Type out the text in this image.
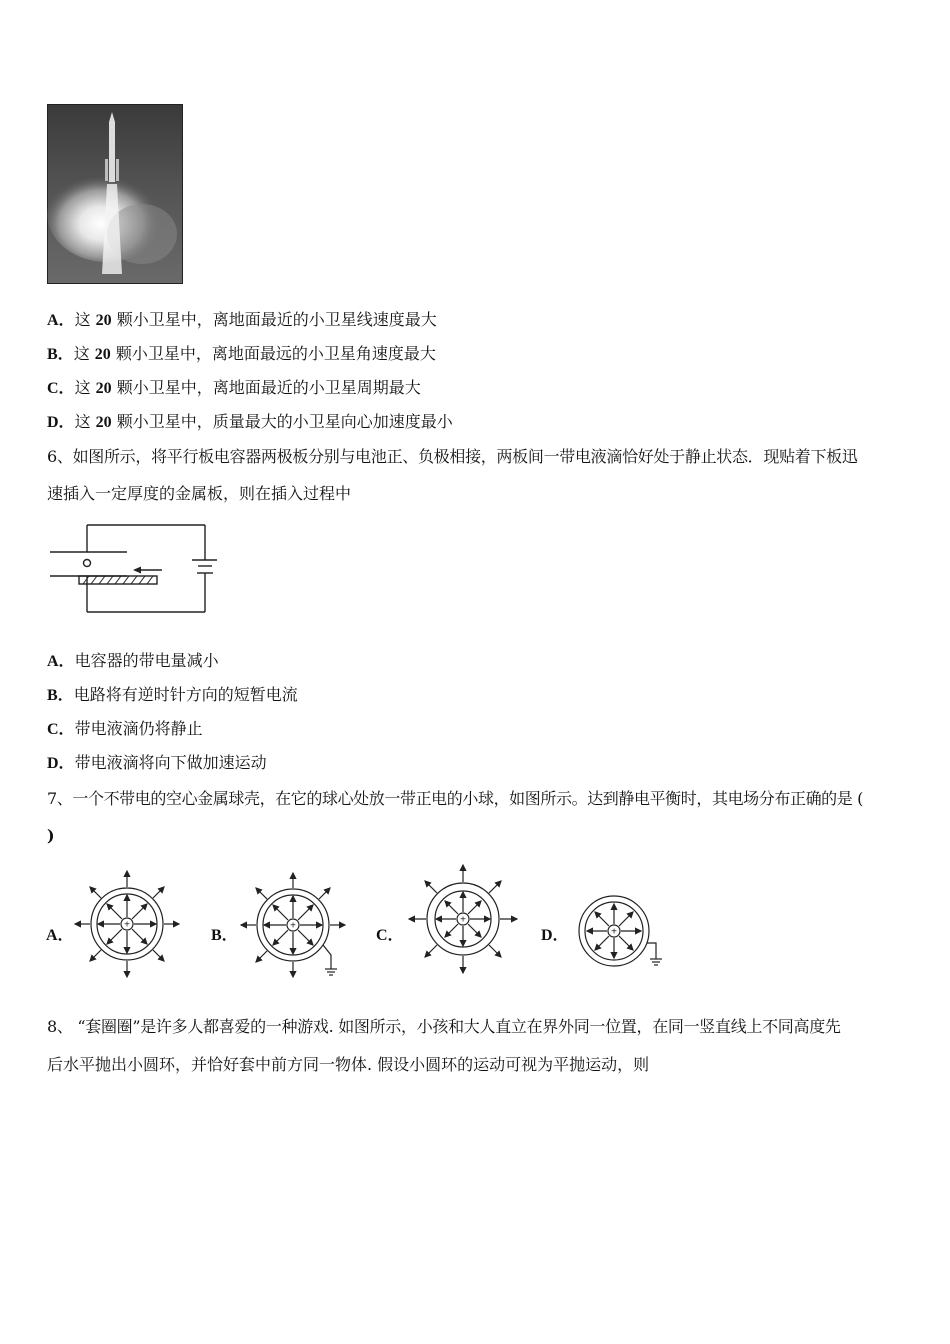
A．这 20 颗小卫星中，离地面最近的小卫星线速度最大
B．这 20 颗小卫星中，离地面最远的小卫星角速度最大
C．这 20 颗小卫星中，离地面最近的小卫星周期最大
D．这 20 颗小卫星中，质量最大的小卫星向心加速度最小
6、如图所示，将平行板电容器两极板分别与电池正、负极相接，两板间一带电液滴恰好处于静止状态．现贴着下板迅
速插入一定厚度的金属板，则在插入过程中
A．电容器的带电量减小
B．电路将有逆时针方向的短暂电流
C．带电液滴仍将静止
D．带电液滴将向下做加速运动
7、一个不带电的空心金属球壳，在它的球心处放一带正电的小球，如图所示。达到静电平衡时，其电场分布正确的是 (
)
A．	B．	C．	D．
+	+
+
+
8、 “套圈圈”是许多人都喜爱的一种游戏. 如图所示，小孩和大人直立在界外同一位置，在同一竖直线上不同高度先
后水平抛出小圆环，并恰好套中前方同一物体. 假设小圆环的运动可视为平抛运动，则
